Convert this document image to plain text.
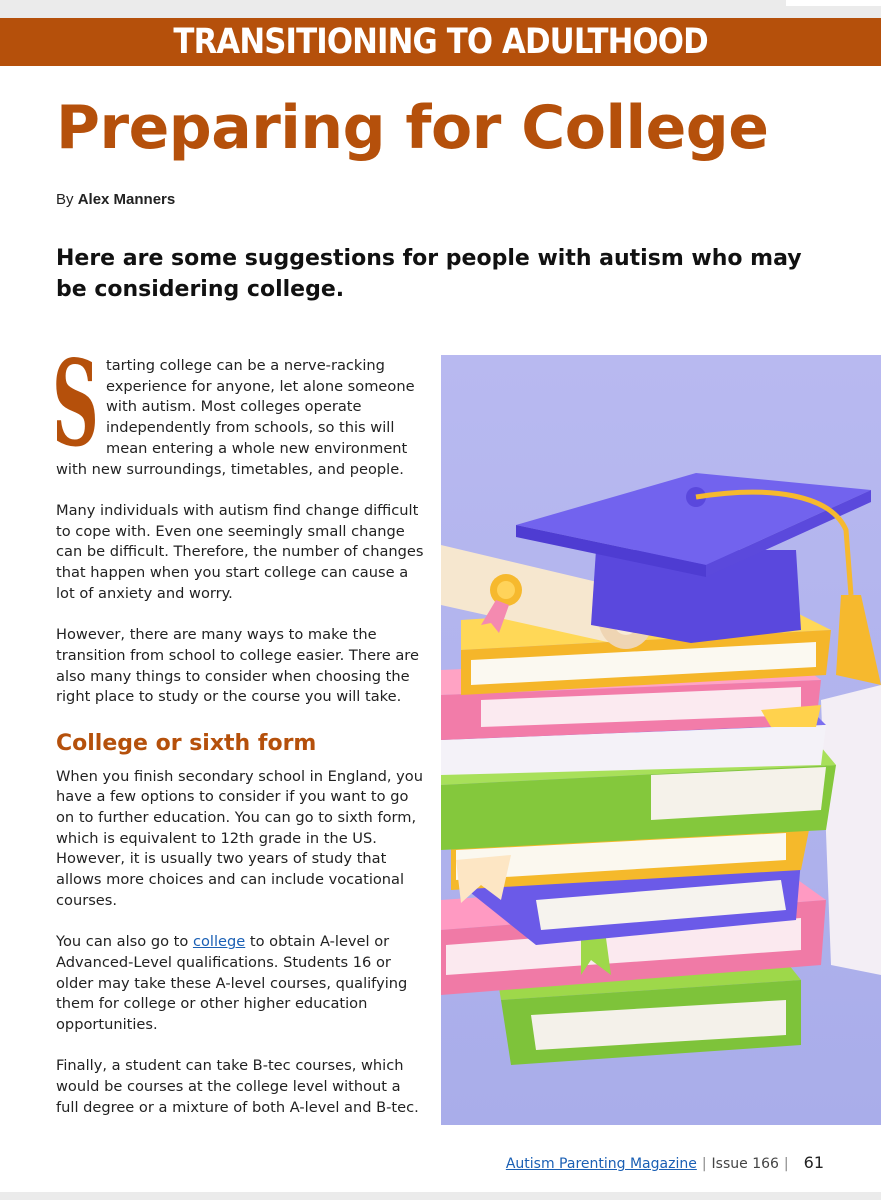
TRANSITIONING TO ADULTHOOD
Preparing for College
By Alex Manners

Here are some suggestions for people with autism who may be considering college.

Starting college can be a nerve-racking experience for anyone, let alone someone with autism. Most colleges operate independently from schools, so this will mean entering a whole new environment with new surroundings, timetables, and people.

Many individuals with autism find change difficult to cope with. Even one seemingly small change can be difficult. Therefore, the number of changes that happen when you start college can cause a lot of anxiety and worry.

However, there are many ways to make the transition from school to college easier. There are also many things to consider when choosing the right place to study or the course you will take.

College or sixth form

When you finish secondary school in England, you have a few options to consider if you want to go on to further education. You can go to sixth form, which is equivalent to 12th grade in the US. However, it is usually two years of study that allows more choices and can include vocational courses.

You can also go to college to obtain A-level or Advanced-Level qualifications. Students 16 or older may take these A-level courses, qualifying them for college or other higher education opportunities.

Finally, a student can take B-tec courses, which would be courses at the college level without a full degree or a mixture of both A-level and B-tec.

Autism Parenting Magazine | Issue 166 | 61
